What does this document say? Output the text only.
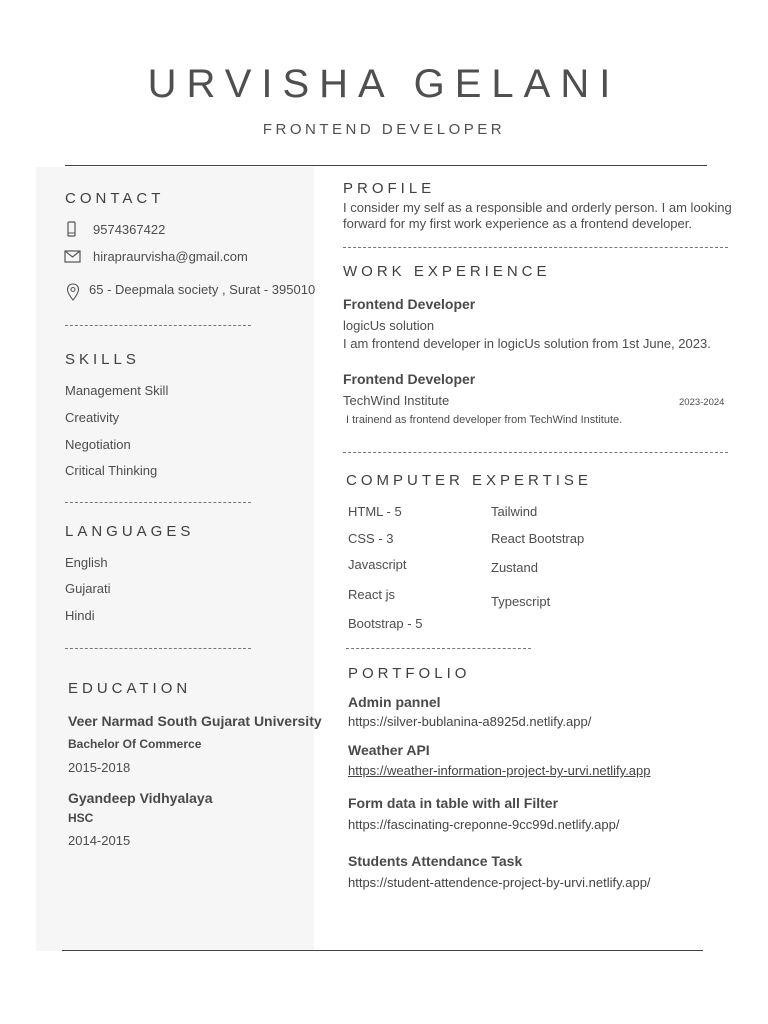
URVISHA GELANI
FRONTEND DEVELOPER
CONTACT
9574367422
hirapraurvisha@gmail.com
65 - Deepmala society , Surat - 395010
SKILLS
Management Skill
Creativity
Negotiation
Critical Thinking
LANGUAGES
English
Gujarati
Hindi
EDUCATION
Veer Narmad South Gujarat University
Bachelor Of Commerce
2015-2018
Gyandeep Vidhyalaya
HSC
2014-2015
PROFILE
I consider my self as a responsible and orderly person. I am looking
forward for my first work experience as a frontend developer.
WORK EXPERIENCE
Frontend Developer
logicUs solution
I am frontend developer in logicUs solution from 1st June, 2023.
Frontend Developer
TechWind Institute	2023-2024
I trainend as frontend developer from TechWind Institute.
COMPUTER EXPERTISE
HTML - 5
CSS - 3
Javascript
React js
Bootstrap - 5
Tailwind
React Bootstrap
Zustand
Typescript
PORTFOLIO
Admin pannel
https://silver-bublanina-a8925d.netlify.app/
Weather API
https://weather-information-project-by-urvi.netlify.app
Form data in table with all Filter
https://fascinating-creponne-9cc99d.netlify.app/
Students Attendance Task
https://student-attendence-project-by-urvi.netlify.app/
